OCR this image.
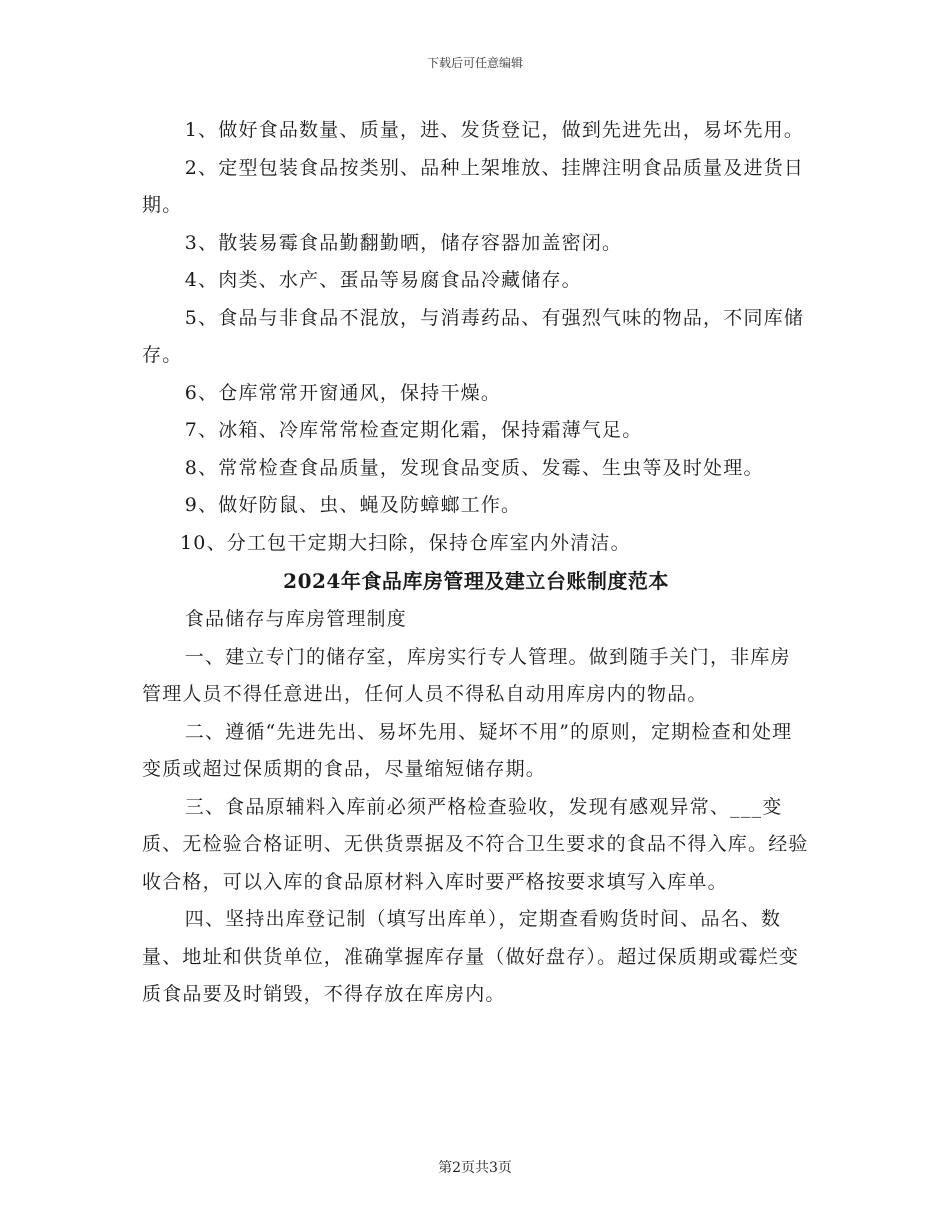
下载后可任意编辑

1、做好食品数量、质量，进、发货登记，做到先进先出，易坏先用。

2、定型包装食品按类别、品种上架堆放、挂牌注明食品质量及进货日期。

3、散装易霉食品勤翻勤晒，储存容器加盖密闭。

4、肉类、水产、蛋品等易腐食品冷藏储存。

5、食品与非食品不混放，与消毒药品、有强烈气味的物品，不同库储存。

6、仓库常常开窗通风，保持干燥。

7、冰箱、冷库常常检查定期化霜，保持霜薄气足。

8、常常检查食品质量，发现食品变质、发霉、生虫等及时处理。

9、做好防鼠、虫、蝇及防蟑螂工作。

10、分工包干定期大扫除，保持仓库室内外清洁。

2024年食品库房管理及建立台账制度范本

食品储存与库房管理制度

一、建立专门的储存室，库房实行专人管理。做到随手关门，非库房管理人员不得任意进出，任何人员不得私自动用库房内的物品。

二、遵循“先进先出、易坏先用、疑坏不用”的原则，定期检查和处理变质或超过保质期的食品，尽量缩短储存期。

三、食品原辅料入库前必须严格检查验收，发现有感观异常、___变质、无检验合格证明、无供货票据及不符合卫生要求的食品不得入库。经验收合格，可以入库的食品原材料入库时要严格按要求填写入库单。

四、坚持出库登记制（填写出库单），定期查看购货时间、品名、数量、地址和供货单位，准确掌握库存量（做好盘存）。超过保质期或霉烂变质食品要及时销毁，不得存放在库房内。

第2页共3页
